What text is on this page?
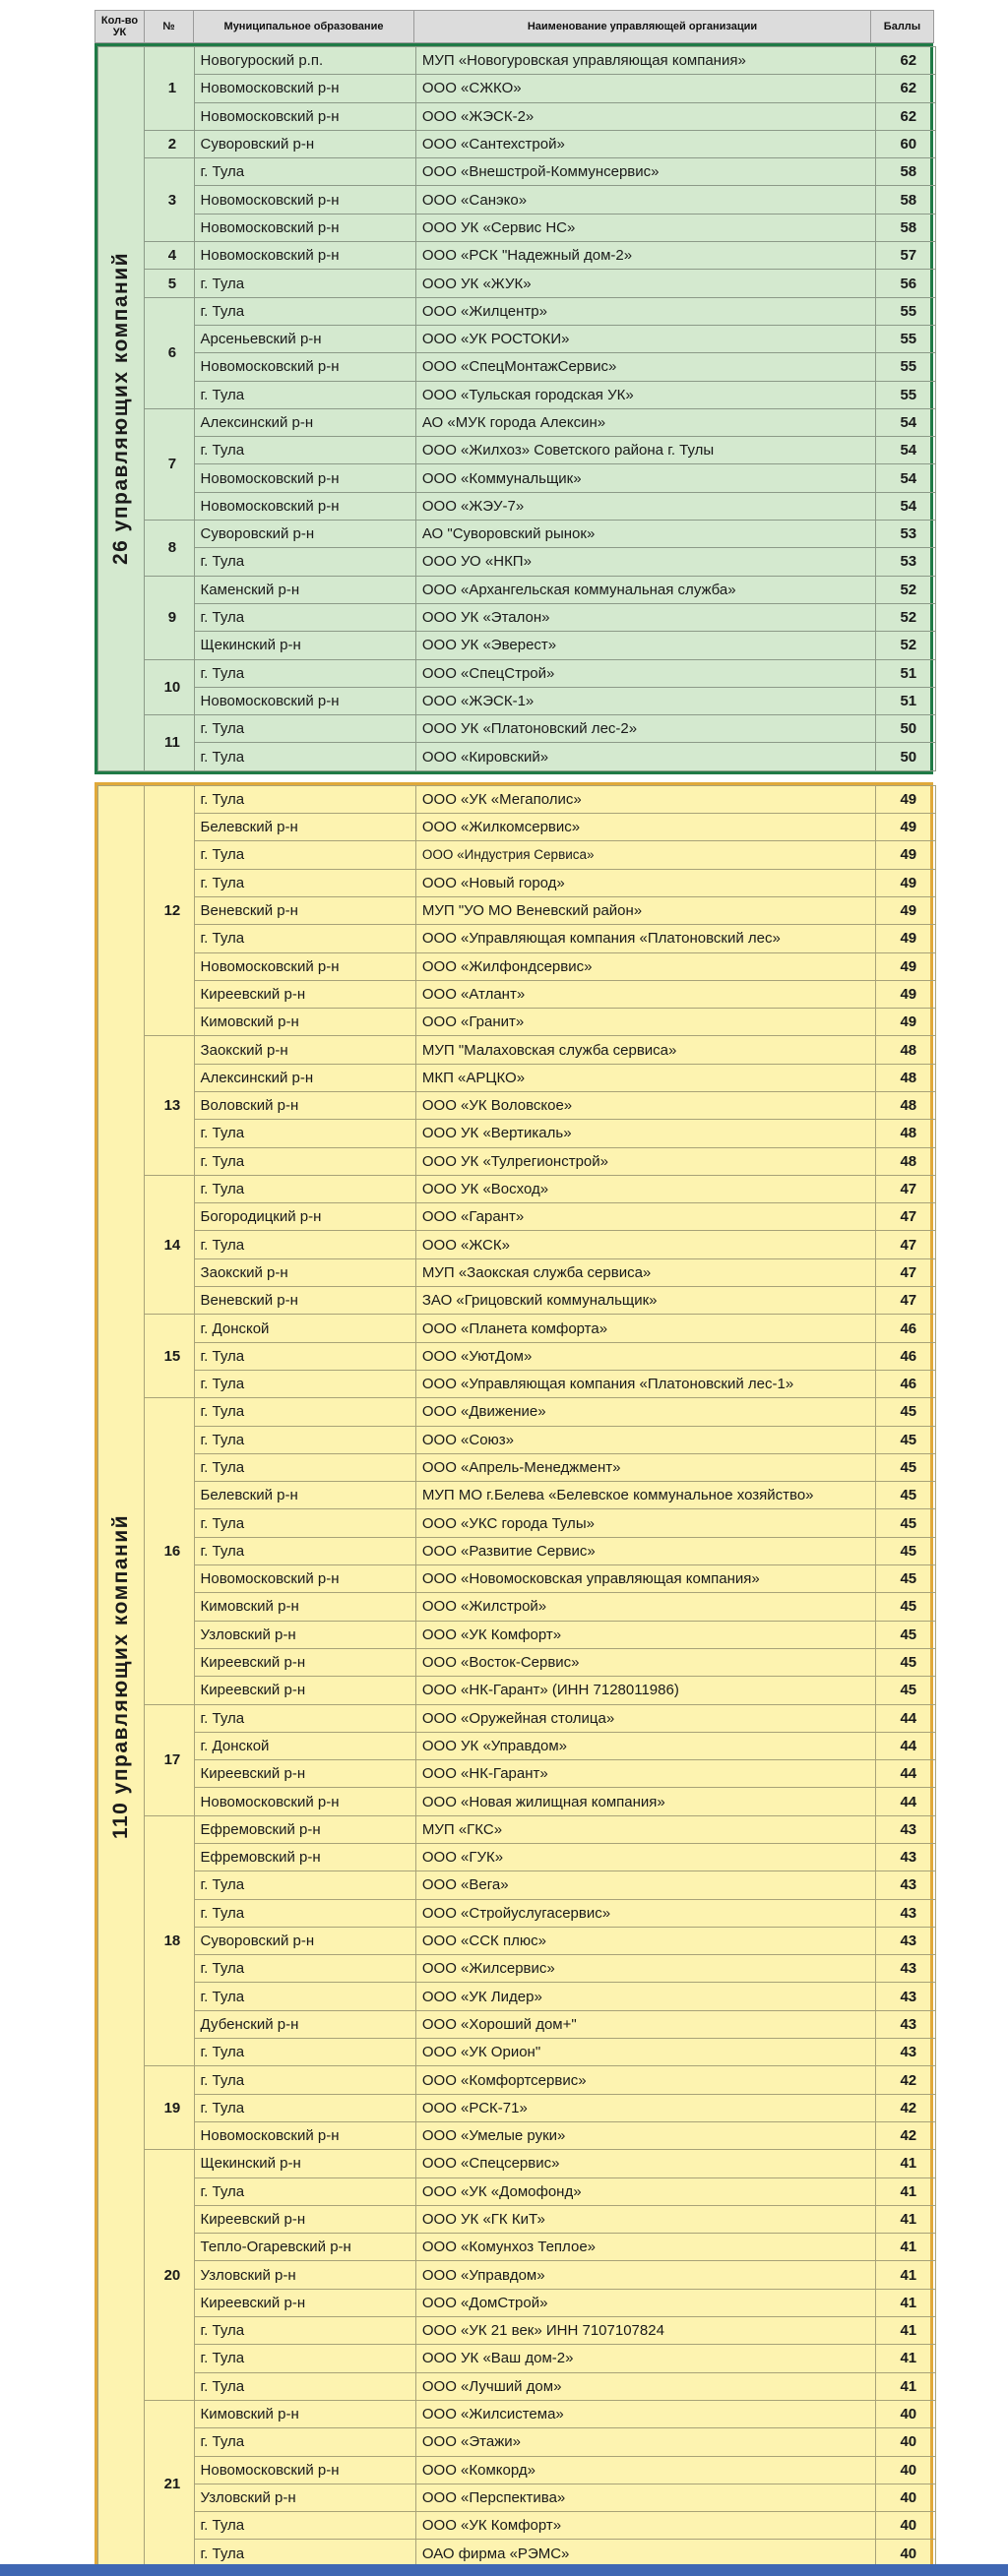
Кол-во УК	№	Муниципальное образование	Наименование управляющей организации	Баллы
26 управляющих компаний	1	Новогуроский р.п.	МУП «Новогуровская управляющая компания»	62
		Новомосковский р-н	ООО «СЖКО»	62
		Новомосковский р-н	ООО «ЖЭСК-2»	62
	2	Суворовский р-н	ООО «Сантехстрой»	60
	3	г. Тула	ООО «Внешстрой-Коммунсервис»	58
		Новомосковский р-н	ООО «Санэко»	58
		Новомосковский р-н	ООО УК «Сервис НС»	58
	4	Новомосковский р-н	ООО «РСК "Надежный дом-2»	57
	5	г. Тула	ООО УК «ЖУК»	56
	6	г. Тула	ООО «Жилцентр»	55
		Арсеньевский р-н	ООО «УК РОСТОКИ»	55
		Новомосковский р-н	ООО «СпецМонтажСервис»	55
		г. Тула	ООО «Тульская городская УК»	55
	7	Алексинский р-н	АО «МУК города Алексин»	54
		г. Тула	ООО «Жилхоз» Советского района г. Тулы	54
		Новомосковский р-н	ООО «Коммунальщик»	54
		Новомосковский р-н	ООО «ЖЭУ-7»	54
	8	Суворовский р-н	АО "Суворовский рынок»	53
		г. Тула	ООО УО «НКП»	53
	9	Каменский р-н	ООО «Архангельская коммунальная служба»	52
		г. Тула	ООО УК «Эталон»	52
		Щекинский р-н	ООО УК «Эверест»	52
	10	г. Тула	ООО «СпецСтрой»	51
		Новомосковский р-н	ООО «ЖЭСК-1»	51
	11	г. Тула	ООО УК «Платоновский лес-2»	50
		г. Тула	ООО «Кировский»	50
110 управляющих компаний	12	г. Тула	ООО «УК «Мегаполис»	49
		Белевский р-н	ООО «Жилкомсервис»	49
		г. Тула	ООО «Индустрия Сервиса»	49
		г. Тула	ООО «Новый город»	49
		Веневский р-н	МУП "УО МО Веневский район»	49
		г. Тула	ООО «Управляющая компания «Платоновский лес»	49
		Новомосковский р-н	ООО «Жилфондсервис»	49
		Киреевский р-н	ООО «Атлант»	49
		Кимовский р-н	ООО «Гранит»	49
	13	Заокский р-н	МУП "Малаховская служба сервиса»	48
		Алексинский р-н	МКП «АРЦКО»	48
		Воловский р-н	ООО «УК Воловское»	48
		г. Тула	ООО УК «Вертикаль»	48
		г. Тула	ООО УК «Тулрегионстрой»	48
	14	г. Тула	ООО УК «Восход»	47
		Богородицкий р-н	ООО «Гарант»	47
		г. Тула	ООО «ЖСК»	47
		Заокский р-н	МУП «Заокская служба сервиса»	47
		Веневский р-н	ЗАО «Грицовский коммунальщик»	47
	15	г. Донской	ООО «Планета комфорта»	46
		г. Тула	ООО «УютДом»	46
		г. Тула	ООО «Управляющая компания «Платоновский лес-1»	46
	16	г. Тула	ООО «Движение»	45
		г. Тула	ООО «Союз»	45
		г. Тула	ООО «Апрель-Менеджмент»	45
		Белевский р-н	МУП МО г.Белева «Белевское коммунальное хозяйство»	45
		г. Тула	ООО «УКС города Тулы»	45
		г. Тула	ООО «Развитие Сервис»	45
		Новомосковский р-н	ООО «Новомосковская управляющая компания»	45
		Кимовский р-н	ООО «Жилстрой»	45
		Узловский р-н	ООО «УК Комфорт»	45
		Киреевский р-н	ООО «Восток-Сервис»	45
		Киреевский р-н	ООО «НК-Гарант» (ИНН 7128011986)	45
	17	г. Тула	ООО «Оружейная столица»	44
		г. Донской	ООО УК «Управдом»	44
		Киреевский р-н	ООО «НК-Гарант»	44
		Новомосковский р-н	ООО «Новая жилищная компания»	44
	18	Ефремовский р-н	МУП «ГКС»	43
		Ефремовский р-н	ООО «ГУК»	43
		г. Тула	ООО «Вега»	43
		г. Тула	ООО «Стройуслугасервис»	43
		Суворовский р-н	ООО «ССК плюс»	43
		г. Тула	ООО «Жилсервис»	43
		г. Тула	ООО «УК Лидер»	43
		Дубенский р-н	ООО «Хороший дом+"	43
		г. Тула	ООО «УК Орион"	43
	19	г. Тула	ООО «Комфортсервис»	42
		г. Тула	ООО «РСК-71»	42
		Новомосковский р-н	ООО «Умелые руки»	42
	20	Щекинский р-н	ООО «Спецсервис»	41
		г. Тула	ООО «УК «Домофонд»	41
		Киреевский р-н	ООО УК «ГК КиТ»	41
		Тепло-Огаревский р-н	ООО «Комунхоз Теплое»	41
		Узловский р-н	ООО «Управдом»	41
		Киреевский р-н	ООО «ДомСтрой»	41
		г. Тула	ООО «УК 21 век» ИНН 7107107824	41
		г. Тула	ООО УК «Ваш дом-2»	41
		г. Тула	ООО «Лучший дом»	41
	21	Кимовский р-н	ООО «Жилсистема»	40
		г. Тула	ООО «Этажи»	40
		Новомосковский р-н	ООО «Комкорд»	40
		Узловский р-н	ООО «Перспектива»	40
		г. Тула	ООО «УК Комфорт»	40
		г. Тула	ОАО фирма «РЭМС»	40
